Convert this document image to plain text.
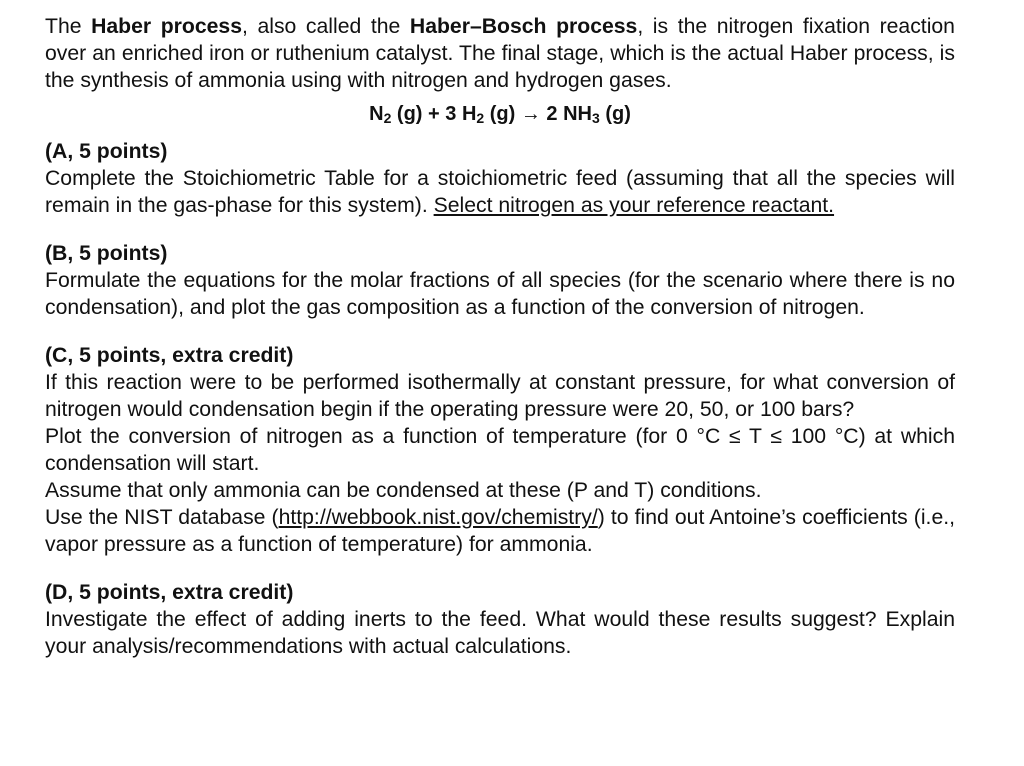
The Haber process, also called the Haber–Bosch process, is the nitrogen fixation reaction over an enriched iron or ruthenium catalyst. The final stage, which is the actual Haber process, is the synthesis of ammonia using with nitrogen and hydrogen gases.

$N_2$ (g) + 3 $H_2$ (g) → 2 $NH_3$ (g)

(A, 5 points)

Complete the Stoichiometric Table for a stoichiometric feed (assuming that all the species will remain in the gas-phase for this system). Select nitrogen as your reference reactant.

(B, 5 points)

Formulate the equations for the molar fractions of all species (for the scenario where there is no condensation), and plot the gas composition as a function of the conversion of nitrogen.

(C, 5 points, extra credit)

If this reaction were to be performed isothermally at constant pressure, for what conversion of nitrogen would condensation begin if the operating pressure were 20, 50, or 100 bars?

Plot the conversion of nitrogen as a function of temperature (for 0 °C ≤ T ≤ 100 °C) at which condensation will start.

Assume that only ammonia can be condensed at these (P and T) conditions.

Use the NIST database (http://webbook.nist.gov/chemistry/) to find out Antoine’s coefficients (i.e., vapor pressure as a function of temperature) for ammonia.

(D, 5 points, extra credit)

Investigate the effect of adding inerts to the feed. What would these results suggest? Explain your analysis/recommendations with actual calculations.
